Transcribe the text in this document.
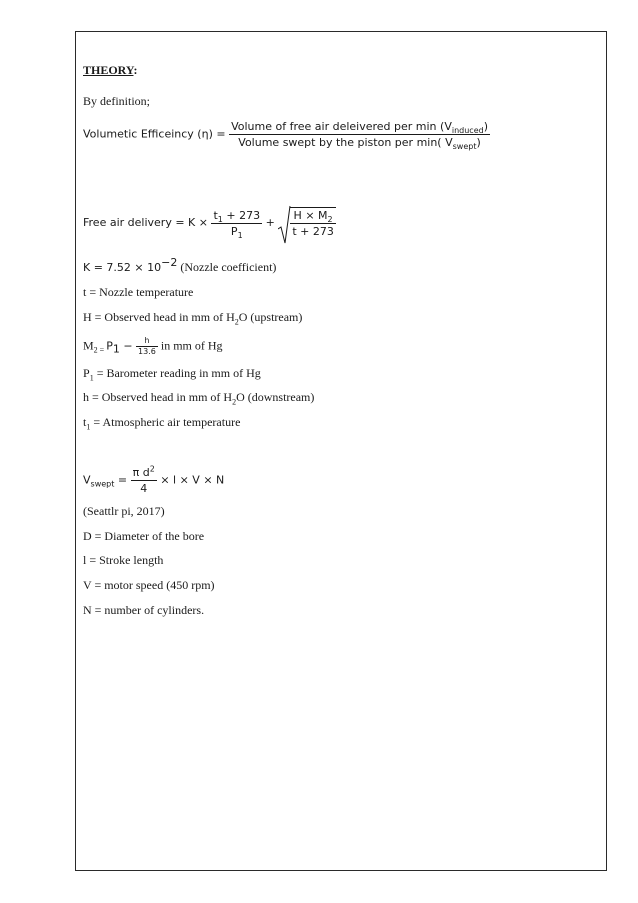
THEORY:
By definition;
Volumetic Efficeincy $(\eta) = \frac{Volume of free air deleivered per \min (V_{induced})}{Volume swept by the piston per \min( V_{swept})}$
Free air delivery = $K \times \frac{t_1 + 273}{P_1} + \frac{H \times M_2}{t + 273}$
$K = 7.52 \times 10^{-2}$ (Nozzle coefficient)
t = Nozzle temperature
H = Observed head in mm of $H_2O$ (upstream)
$M_{2 =}$ $P_1 - \frac{h}{13.6}$ in mm of Hg
$P_1$ = Barometer reading in mm of Hg
h = Observed head in mm of $H_2O$ (downstream)
$t_1$ = Atmospheric air temperature
$V_{swept} = \frac{\pi d^2}{4} \times l \times V \times N$
(Seattlr pi, 2017)
D = Diameter of the bore
l = Stroke length
V = motor speed (450 rpm)
N = number of cylinders.
